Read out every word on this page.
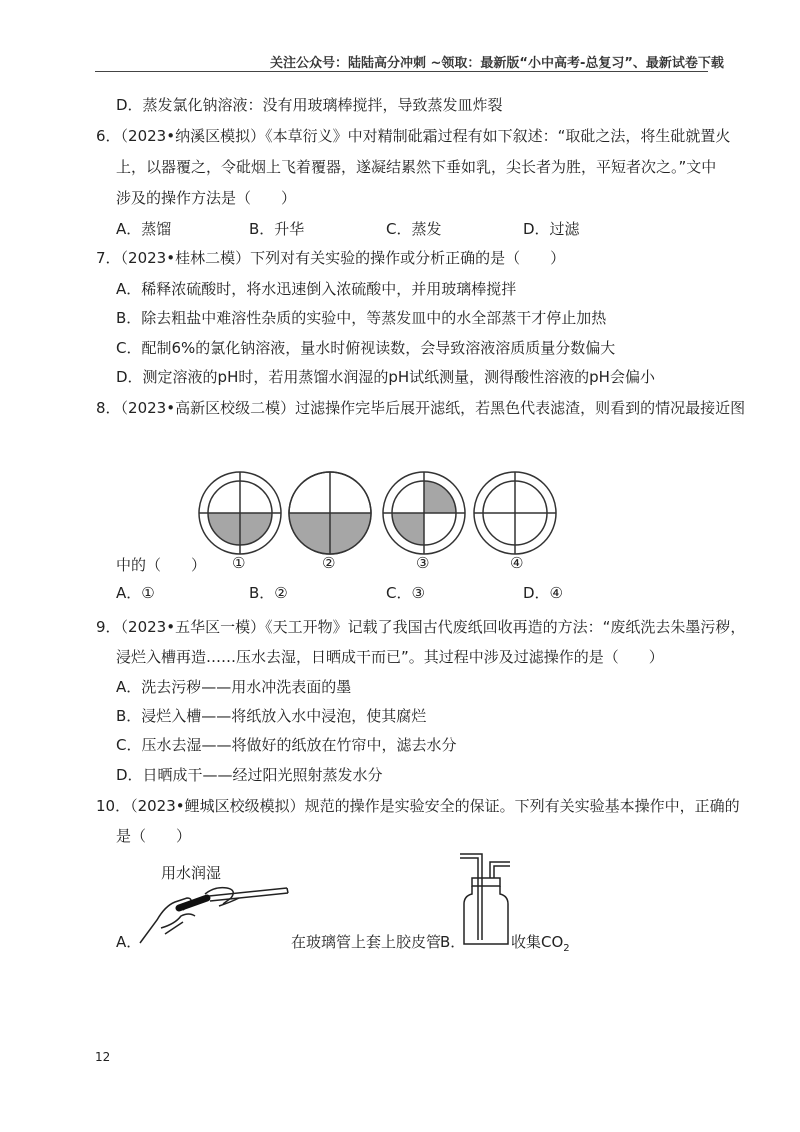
关注公众号：陆陆高分冲刺 ~领取：最新版“小中高考-总复习”、最新试卷下载
D．蒸发氯化钠溶液：没有用玻璃棒搅拌，导致蒸发皿炸裂
6．（2023•纳溪区模拟）《本草衍义》中对精制砒霜过程有如下叙述：“取砒之法，将生砒就置火
上，以器覆之，令砒烟上飞着覆器，遂凝结累然下垂如乳，尖长者为胜，平短者次之。”文中
涉及的操作方法是（　　）
A．蒸馏	B．升华	C．蒸发	D．过滤
7．（2023•桂林二模）下列对有关实验的操作或分析正确的是（　　）
A．稀释浓硫酸时，将水迅速倒入浓硫酸中，并用玻璃棒搅拌
B．除去粗盐中难溶性杂质的实验中，等蒸发皿中的水全部蒸干才停止加热
C．配制6%的氯化钠溶液，量水时俯视读数，会导致溶液溶质质量分数偏大
D．测定溶液的pH时，若用蒸馏水润湿的pH试纸测量，测得酸性溶液的pH会偏小
8．（2023•高新区校级二模）过滤操作完毕后展开滤纸，若黑色代表滤渣，则看到的情况最接近图
中的（　　） ①	②	③	④
A．①	B．②	C．③	D．④
9．（2023•五华区一模）《天工开物》记载了我国古代废纸回收再造的方法：“废纸洗去朱墨污秽，
浸烂入槽再造……压水去湿，日晒成干而已”。其过程中涉及过滤操作的是（　　）
A．洗去污秽——用水冲洗表面的墨
B．浸烂入槽——将纸放入水中浸泡，使其腐烂
C．压水去湿——将做好的纸放在竹帘中，滤去水分
D．日晒成干——经过阳光照射蒸发水分
10．（2023•鲤城区校级模拟）规范的操作是实验安全的保证。下列有关实验基本操作中，正确的
是（　　）
用水润湿
A．	在玻璃管上套上胶皮管
B．	收集$CO_2$
12
